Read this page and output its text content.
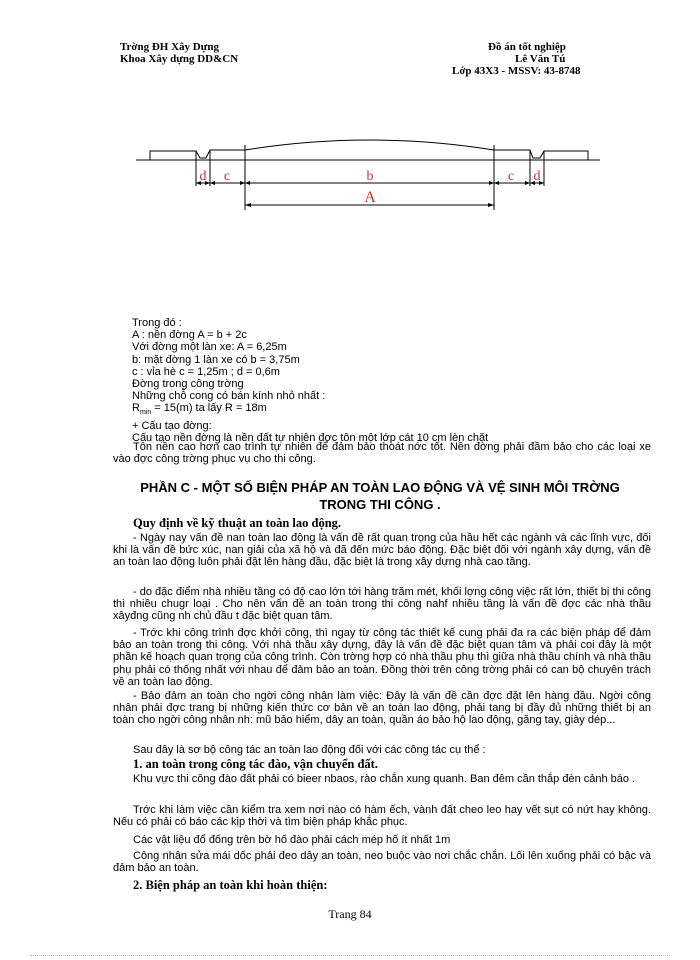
Trờng ĐH Xây Dựng
Khoa Xây dựng DD&CN
Đồ án tốt nghiệp
Lê Văn Tú
Lớp 43X3 - MSSV: 43-8748
d c	b	c d
A
Trong đó :
A : nền đờng A = b + 2c
Với đờng một làn xe: A = 6,25m
b: mặt đờng 1 làn xe có b = 3,75m
c : vỉa hè c = 1,25m ; d = 0,6m
Đờng trong công trờng
Những chỗ cong có bán kính nhỏ nhất :
$R_{min} = 15(m)$ ta lấy R = 18m
+ Cấu tạo đờng:
Cấu tạo nền đờng là nền đất tự nhiên đợc tôn một lớp cát 10 cm lèn chặt
Tôn nền cao hơn cao trình tự nhiên để đảm bảo thoát nớc tốt. Nền đờng phải đầm bảo cho các loại xe vào đợc công trờng phục vụ cho thi công.
PHẦN C - MỘT SỐ BIỆN PHÁP AN TOÀN LAO ĐỘNG VÀ VỆ SINH MÔI TRỜNG
TRONG THI CÔNG .
Quy định về kỹ thuật an toàn lao động.
- Ngày nay vấn đề nan toàn lao động là vấn đề rất quan trọng của hầu hết các ngành và các lĩnh vực, đối khi là vấn đề bức xúc, nan giải của xã hộ và đã đến mức báo động. Đặc biệt đối với ngành xây dựng, vấn đề an toàn lao động luôn phải đặt lên hàng đầu, đặc biệt là trong xây dựng nhà cao tầng.
- do đặc điểm nhà nhiều tầng có độ cao lớn tới hàng trăm mét, khối lợng công việc rất lớn, thiết bị thi công thì nhiều chugr loại . Cho nên vấn đề an toàn trong thi công nahf nhiều tầng là vấn đề đợc các nhà thầu xâyđng cũng nh chủ đầu t đặc biệt quan tâm.
- Trớc khi công trình đợc khởi công, thì ngay từ công tác thiết kế cung phải đa ra các biện pháp để đảm bảo an toàn trong thi công. Với nhà thầu xây dựng, đây là vấn đề đặc biệt quan tâm và phải coi đây là một phần kế hoạch quan trọng của công trình. Còn trờng hợp có nhà thầu phụ thì giữa nhà thầu chính và nhà thầu phụ phải có thống nhất với nhau để đảm bảo an toàn. Đồng thời trên công trờng phải có can bộ chuyên trách về an toàn lao động.
- Bảo đảm an toàn cho ngời công nhân làm việc: Đây là vấn đề cần đợc đặt lên hàng đầu. Ngời công nhân phải đợc trang bị những kiến thức cơ bản về an toàn lao động, phải tang bị đầy đủ những thiết bị an toàn cho ngời công nhân nh: mũ bảo hiểm, dây an toàn, quần áo bảo hộ lao động, găng tay, giày dép...
Sau đây là sơ bộ công tác an toàn lao động đối với các công tác cụ thể :
1. an toàn trong công tác đào, vận chuyển đất.
Khu vực thi công đào đất phải có bieer nbaos, rào chắn xung quanh. Ban đêm cần thắp đèn cảnh báo .
Trớc khi làm việc cần kiểm tra xem nơi nào có hàm ếch, vành đất cheo leo hay vết sụt có nứt hay không. Nếu có phải có báo các kịp thời và tìm biện pháp khắc phục.
Các vật liệu đổ đống trên bờ hố đào phải cách mép hố ít nhất 1m
Công nhân sửa mái dốc phải đeo dây an toàn, neo buộc vào nơi chắc chắn. Lối lên xuống phải có bậc và đảm bảo an toàn.
2. Biện pháp an toàn khi hoàn thiện:
Trang 84
